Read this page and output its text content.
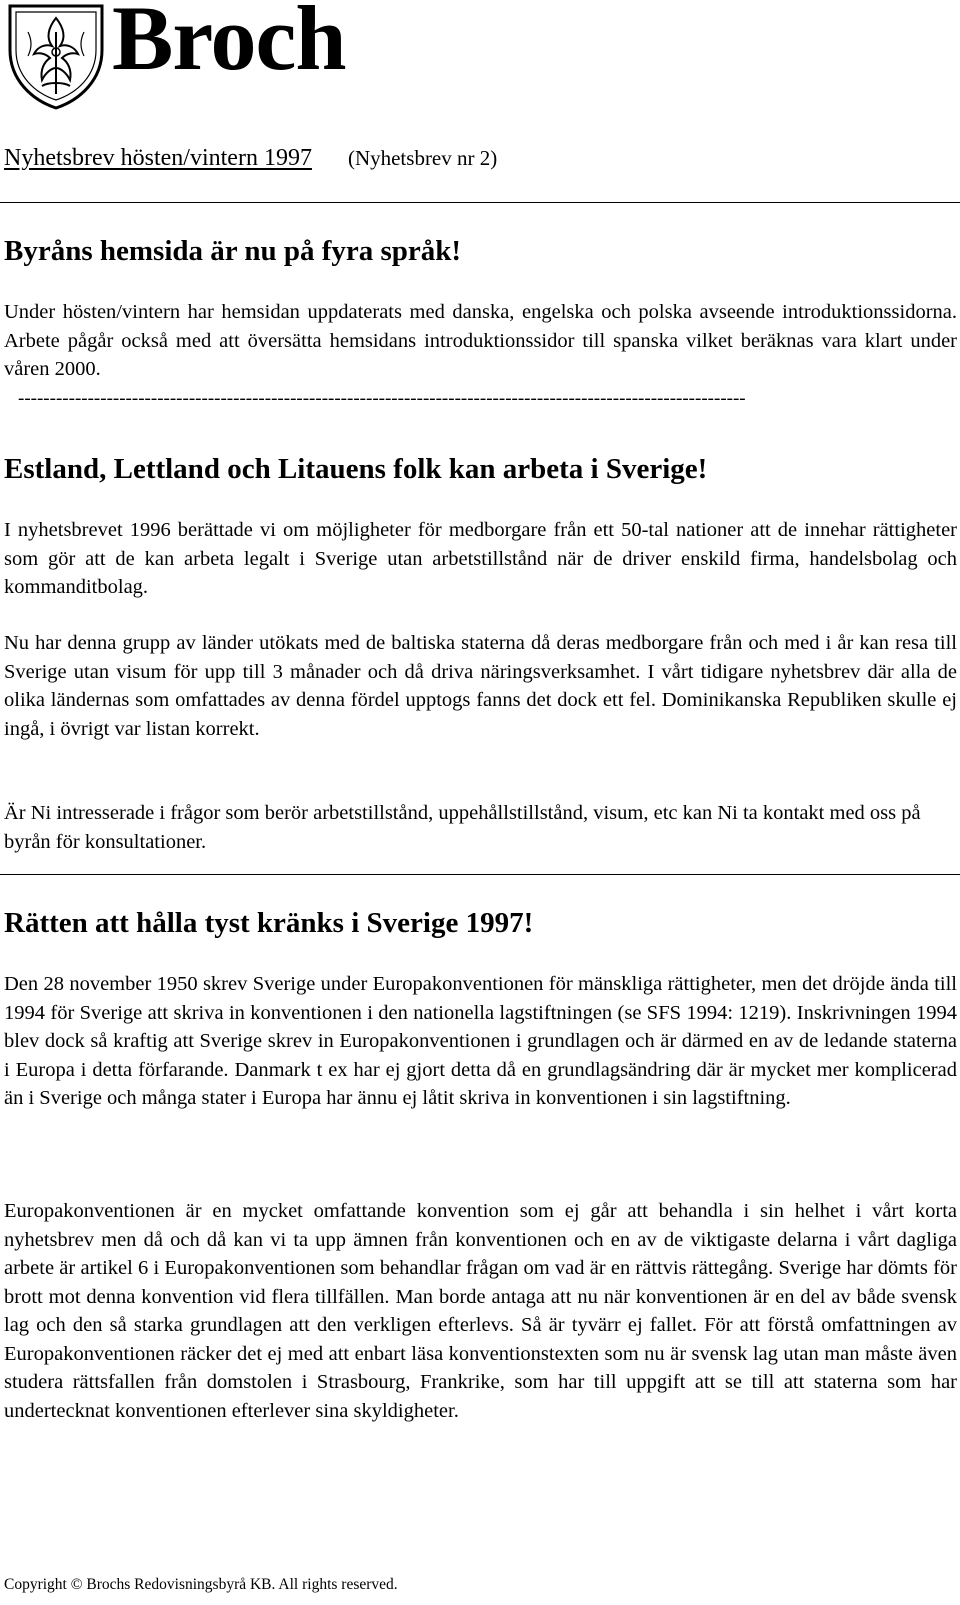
Broch
Nyhetsbrev hösten/vintern 1997 (Nyhetsbrev nr 2)
Byråns hemsida är nu på fyra språk!

Under hösten/vintern har hemsidan uppdaterats med danska, engelska och polska avseende introduktionssidorna. Arbete pågår också med att översätta hemsidans introduktionssidor till spanska vilket beräknas vara klart under våren 2000.

-------------------------------------------------------------------------------------------------------------------
Estland, Lettland och Litauens folk kan arbeta i Sverige!

I nyhetsbrevet 1996 berättade vi om möjligheter för medborgare från ett 50-tal nationer att de innehar rättigheter som gör att de kan arbeta legalt i Sverige utan arbetstillstånd när de driver enskild firma, handelsbolag och kommanditbolag.

Nu har denna grupp av länder utökats med de baltiska staterna då deras medborgare från och med i år kan resa till Sverige utan visum för upp till 3 månader och då driva näringsverksamhet. I vårt tidigare nyhetsbrev där alla de olika ländernas som omfattades av denna fördel upptogs fanns det dock ett fel. Dominikanska Republiken skulle ej ingå, i övrigt var listan korrekt.

Är Ni intresserade i frågor som berör arbetstillstånd, uppehållstillstånd, visum, etc kan Ni ta kontakt med oss på byrån för konsultationer.

Rätten att hålla tyst kränks i Sverige 1997!

Den 28 november 1950 skrev Sverige under Europakonventionen för mänskliga rättigheter, men det dröjde ända till 1994 för Sverige att skriva in konventionen i den nationella lagstiftningen (se SFS 1994: 1219). Inskrivningen 1994 blev dock så kraftig att Sverige skrev in Europakonventionen i grundlagen och är därmed en av de ledande staterna i Europa i detta förfarande. Danmark t ex har ej gjort detta då en grundlagsändring där är mycket mer komplicerad än i Sverige och många stater i Europa har ännu ej låtit skriva in konventionen i sin lagstiftning.

Europakonventionen är en mycket omfattande konvention som ej går att behandla i sin helhet i vårt korta nyhetsbrev men då och då kan vi ta upp ämnen från konventionen och en av de viktigaste delarna i vårt dagliga arbete är artikel 6 i Europakonventionen som behandlar frågan om vad är en rättvis rättegång. Sverige har dömts för brott mot denna konvention vid flera tillfällen. Man borde antaga att nu när konventionen är en del av både svensk lag och den så starka grundlagen att den verkligen efterlevs. Så är tyvärr ej fallet. För att förstå omfattningen av Europakonventionen räcker det ej med att enbart läsa konventionstexten som nu är svensk lag utan man måste även studera rättsfallen från domstolen i Strasbourg, Frankrike, som har till uppgift att se till att staterna som har undertecknat konventionen efterlever sina skyldigheter.

Copyright © Brochs Redovisningsbyrå KB. All rights reserved.
